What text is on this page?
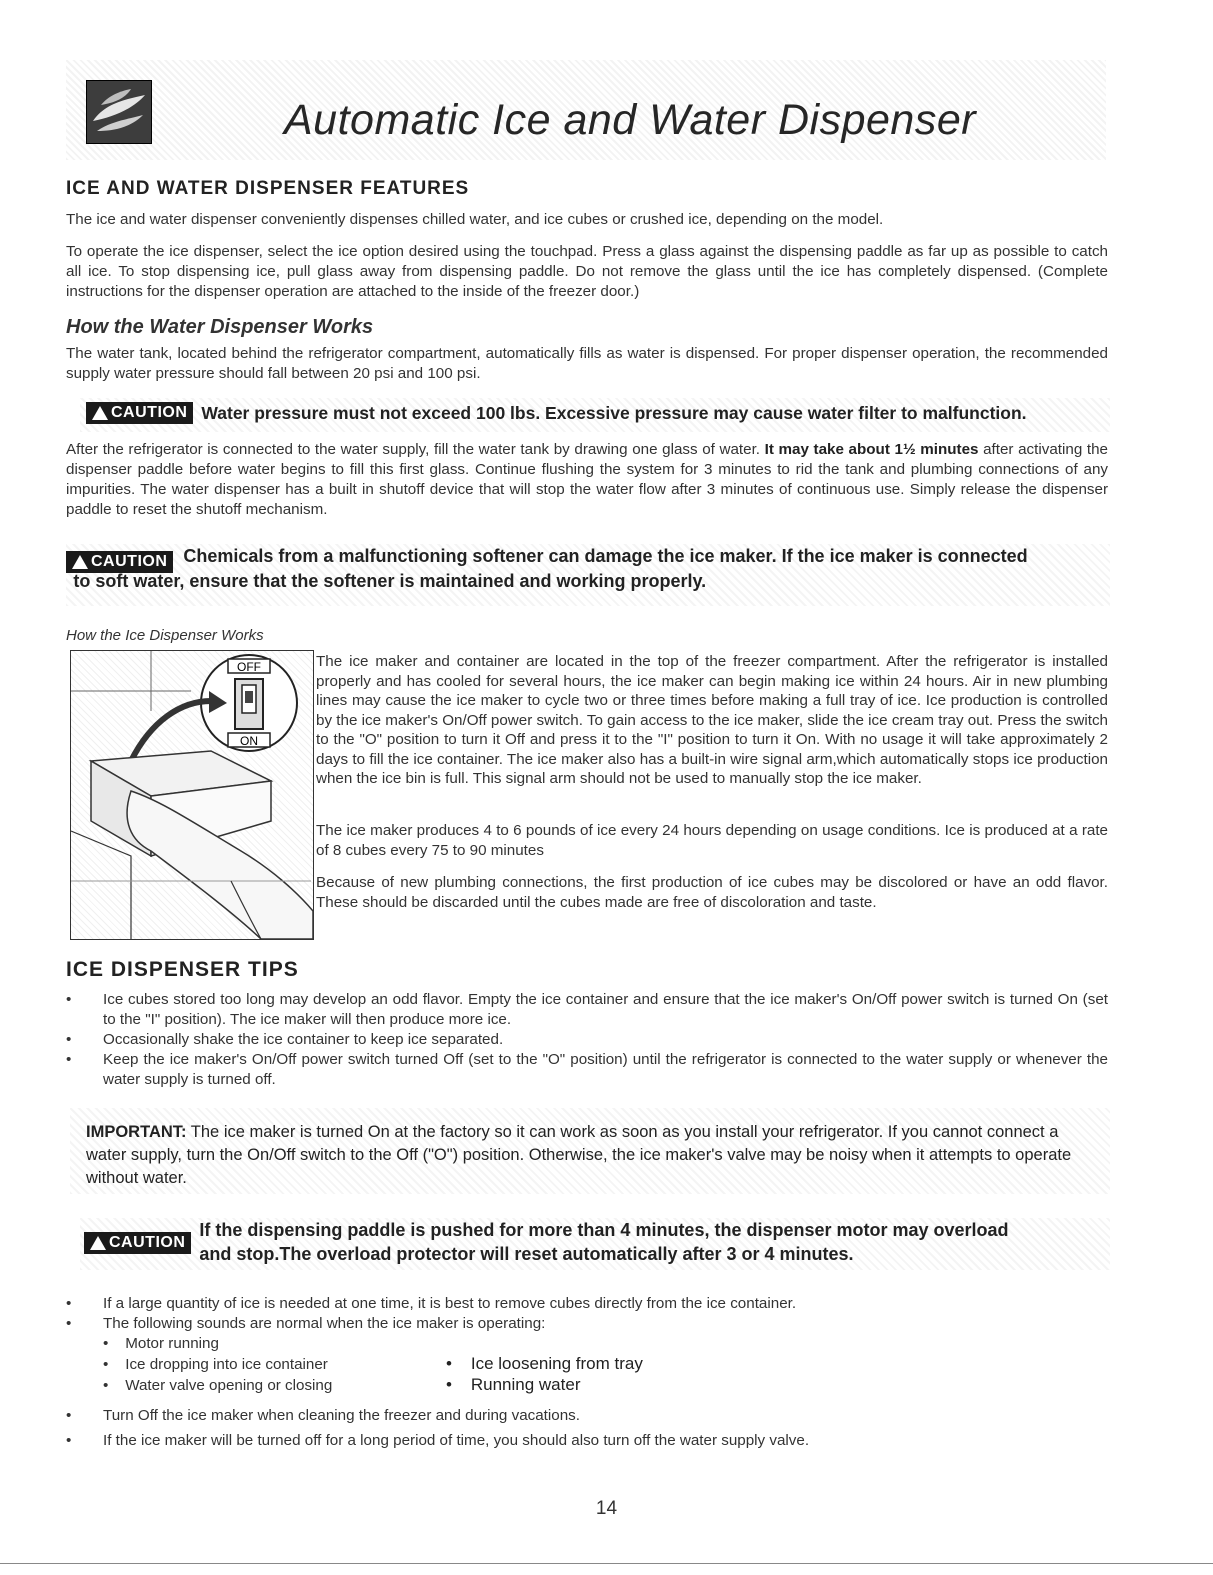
Automatic Ice and Water Dispenser
ICE AND WATER DISPENSER FEATURES
The ice and water dispenser conveniently dispenses chilled water, and ice cubes or crushed ice, depending on the model.
To operate the ice dispenser, select the ice option desired using the touchpad. Press a glass against the dispensing paddle as far up as possible to catch all ice. To stop dispensing ice, pull glass away from dispensing paddle. Do not remove the glass until the ice has completely dispensed. (Complete instructions for the dispenser operation are attached to the inside of the freezer door.)
How the Water Dispenser Works
The water tank, located behind the refrigerator compartment, automatically fills as water is dispensed. For proper dispenser operation, the recommended supply water pressure should fall between 20 psi and 100 psi.
CAUTION Water pressure must not exceed 100 lbs. Excessive pressure may cause water filter to malfunction.
After the refrigerator is connected to the water supply, fill the water tank by drawing one glass of water. It may take about 1½ minutes after activating the dispenser paddle before water begins to fill this first glass. Continue flushing the system for 3 minutes to rid the tank and plumbing connections of any impurities. The water dispenser has a built in shutoff device that will stop the water flow after 3 minutes of continuous use. Simply release the dispenser paddle to reset the shutoff mechanism.
CAUTION Chemicals from a malfunctioning softener can damage the ice maker. If the ice maker is connected
to soft water, ensure that the softener is maintained and working properly.
How the Ice Dispenser Works
OFF
ON
The ice maker and container are located in the top of the freezer compartment. After the refrigerator is installed properly and has cooled for several hours, the ice maker can begin making ice within 24 hours. Air in new plumbing lines may cause the ice maker to cycle two or three times before making a full tray of ice. Ice production is controlled by the ice maker's On/Off power switch. To gain access to the ice maker, slide the ice cream tray out. Press the switch to the "O" position to turn it Off and press it to the "I" position to turn it On. With no usage it will take approximately 2 days to fill the ice container. The ice maker also has a built-in wire signal arm,which automatically stops ice production when the ice bin is full. This signal arm should not be used to manually stop the ice maker.
The ice maker produces 4 to 6 pounds of ice every 24 hours depending on usage conditions. Ice is produced at a rate of 8 cubes every 75 to 90 minutes
Because of new plumbing connections, the first production of ice cubes may be discolored or have an odd flavor. These should be discarded until the cubes made are free of discoloration and taste.
ICE DISPENSER TIPS
• Ice cubes stored too long may develop an odd flavor. Empty the ice container and ensure that the ice maker's On/Off power switch is turned On (set to the "I" position). The ice maker will then produce more ice.
• Occasionally shake the ice container to keep ice separated.
• Keep the ice maker's On/Off power switch turned Off (set to the "O" position) until the refrigerator is connected to the water supply or whenever the water supply is turned off.

IMPORTANT: The ice maker is turned On at the factory so it can work as soon as you install your refrigerator. If you cannot connect a water supply, turn the On/Off switch to the Off ("O") position. Otherwise, the ice maker's valve may be noisy when it attempts to operate without water.

CAUTION
If the dispensing paddle is pushed for more than 4 minutes, the dispenser motor may overload
and stop.The overload protector will reset automatically after 3 or 4 minutes.
• If a large quantity of ice is needed at one time, it is best to remove cubes directly from the ice container.
• The following sounds are normal when the ice maker is operating:
• Motor running
• Ice dropping into ice container
• Water valve opening or closing
• Ice loosening from tray
• Running water
• Turn Off the ice maker when cleaning the freezer and during vacations.
• If the ice maker will be turned off for a long period of time, you should also turn off the water supply valve.
14
